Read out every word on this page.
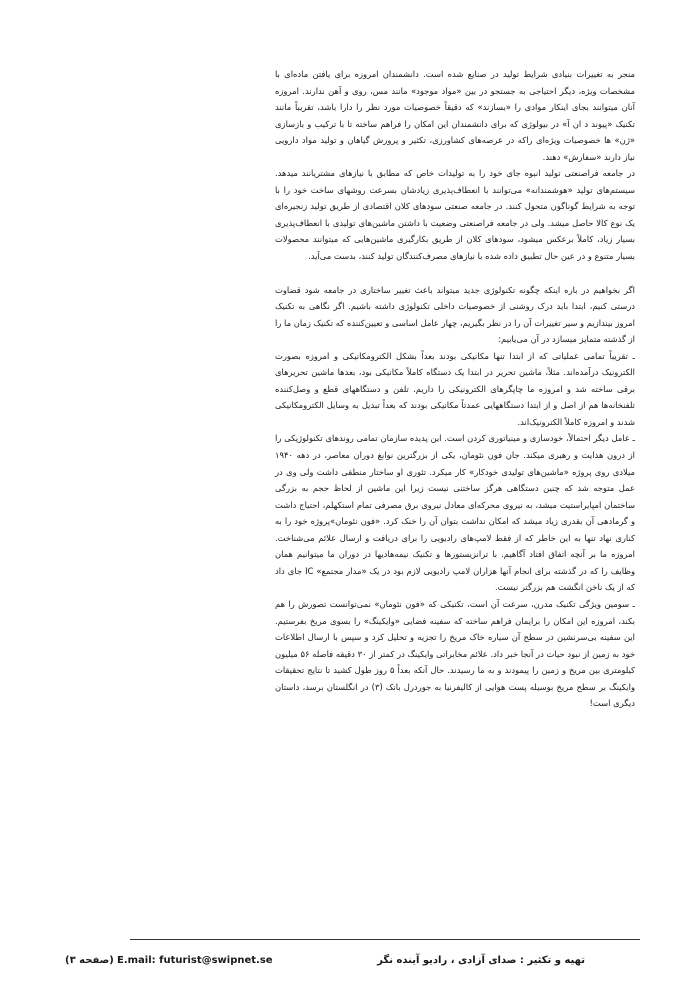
منجر به تغییرات بنیادی شرایط تولید در صنایع شده است. دانشمندان امروزه برای یافتن ماده‌ای با مشخصات ویژه، دیگر احتیاجی به جستجو در بین «مواد موجود» مانند مس، روی و آهن ندارند. امروزه آنان میتوانند بجای اینکار موادی را «بسازند» که دقیقاً خصوصیات مورد نظر را دارا باشد، تقریباً مانند تکنیک «پیوند د ان آ» در بیولوژی که برای دانشمندان این امکان را فراهم ساخته تا با ترکیب و بازسازی «ژن» ها خصوصیات ویژه‌ای راکه در عرصه‌های کشاورزی، تکثیر و پرورش گیاهان و تولید مواد دارویی نیاز دارند «سفارش» دهند.

در جامعه فراصنعتی تولید انبوه جای خود را به تولیدات خاص که مطابق با نیازهای مشتریانند میدهد. سیستم‌های تولید «هوشمندانه» می‌توانند با انعطاف‌پذیری زیادشان بسرعت روشهای ساخت خود را با توجه به شرایط گوناگون متحول کنند. در جامعه صنعتی سودهای کلان اقتصادی از طریق تولید زنجیره‌ای یک نوع کالا حاصل میشد. ولی در جامعه فراصنعتی وضعیت با داشتن ماشین‌های تولیدی با انعطاف‌پذیری بسیار زیاد، کاملاً برعکس میشود، سودهای کلان از طریق بکارگیری ماشین‌هایی که میتوانند محصولات بسیار متنوع و در عین حال تطبیق داده شده با نیازهای مصرف‌کنندگان تولید کنند، بدست می‌آید.

اگر بخواهیم در باره اینکه چگونه تکنولوژی جدید میتواند باعث تغییر ساختاری در جامعه شود قضاوت درستی کنیم، ابتدا باید درک روشنی از خصوصیات داخلی تکنولوژی داشته باشیم. اگر نگاهی به تکنیک امروز بیندازیم و سیر تغییرات آن را در نظر بگیریم، چهار عامل اساسی و تعیین‌کننده که تکنیک زمان ما را از گذشته متمایز میسازد در آن می‌یابیم:

ـ تقریباً تمامی عملیاتی که از ابتدا تنها مکانیکی بودند بعداً بشکل الکترومکانیکی و امروزه بصورت الکترونیک درآمده‌اند. مثلاً، ماشین تحریر در ابتدا یک دستگاه کاملاً مکانیکی بود، بعدها ماشین تحریرهای برقی ساخته شد و امروزه ما چاپگرهای الکترونیکی را داریم. تلفن و دستگاههای قطع و وصل‌کننده تلفنخانه‌ها هم از اصل و از ابتدا دستگاههایی عمدتاً مکانیکی بودند که بعداً تبدیل به وسایل الکترومکانیکی شدند و امروزه کاملاً الکترونیک‌اند.

ـ عامل دیگر احتمالاً، خودسازی و مینیاتوری کردن است. این پدیده سازمان تمامی روندهای تکنولوژیکی را از درون هدایت و رهبری میکند. جان فون نئومان، یکی از بزرگترین نوابغ دوران معاصر، در دهه ۱۹۴۰ میلادی روی پروژه «ماشین‌های تولیدی خودکار» کار میکرد. تئوری او ساختار منطقی داشت ولی وی در عمل متوجه شد که چنین دستگاهی هرگز ساختنی نیست زیرا این ماشین از لحاظ حجم به بزرگی ساختمان امپایراستیت میشد، به نیروی محرکه‌ای معادل نیروی برق مصرفی تمام استکهلم، احتیاج داشت و گرمادهی آن بقدری زیاد میشد که امکان نداشت بتوان آن را خنک کرد. «فون نئومان»پروژه خود را به کناری نهاد تنها به این خاطر که از فقط لامپ‌های رادیویی را برای دریافت و ارسال علائم می‌شناخت. امروزه ما بر آنچه اتفاق افتاد آگاهیم. با ترانزیستورها و تکنیک نیمه‌هادیها در دوران ما میتوانیم همان وظایف را که در گذشته برای انجام آنها هزاران لامپ رادیویی لازم بود در یک «مدار مجتمع» IC جای داد که از یک ناخن انگشت هم بزرگتر نیست.

ـ سومین ویژگی تکنیک مدرن، سرعت آن است، تکنیکی که «فون نئومان» نمی‌توانست تصورش را هم بکند، امروزه این امکان را برایمان فراهم ساخته که سفینه فضایی «وایکینگ» را بسوی مریخ بفرستیم. این سفینه بی‌سرنشین در سطح آن سیاره خاک مریخ را تجزیه و تحلیل کرد و سپس با ارسال اطلاعات خود به زمین از نبود حیات در آنجا خبر داد. علائم مخابراتی وایکینگ در کمتر از ۳۰ دقیقه فاصله ۵۶ میلیون کیلومتری بین مریخ و زمین را پیمودند و به ما رسیدند. حال آنکه بعداً ۵ روز طول کشید تا نتایج تحقیقات وایکینگ بر سطح مریخ بوسیله پست هوایی از کالیفرنیا به جوردرل بانک (۳) در انگلستان برسد، داستان دیگری است!

(صفحه ۳) E.mail: futurist@swipnet.se	تهیه و تکثیر : صدای آزادی ، رادیو آینده نگر
